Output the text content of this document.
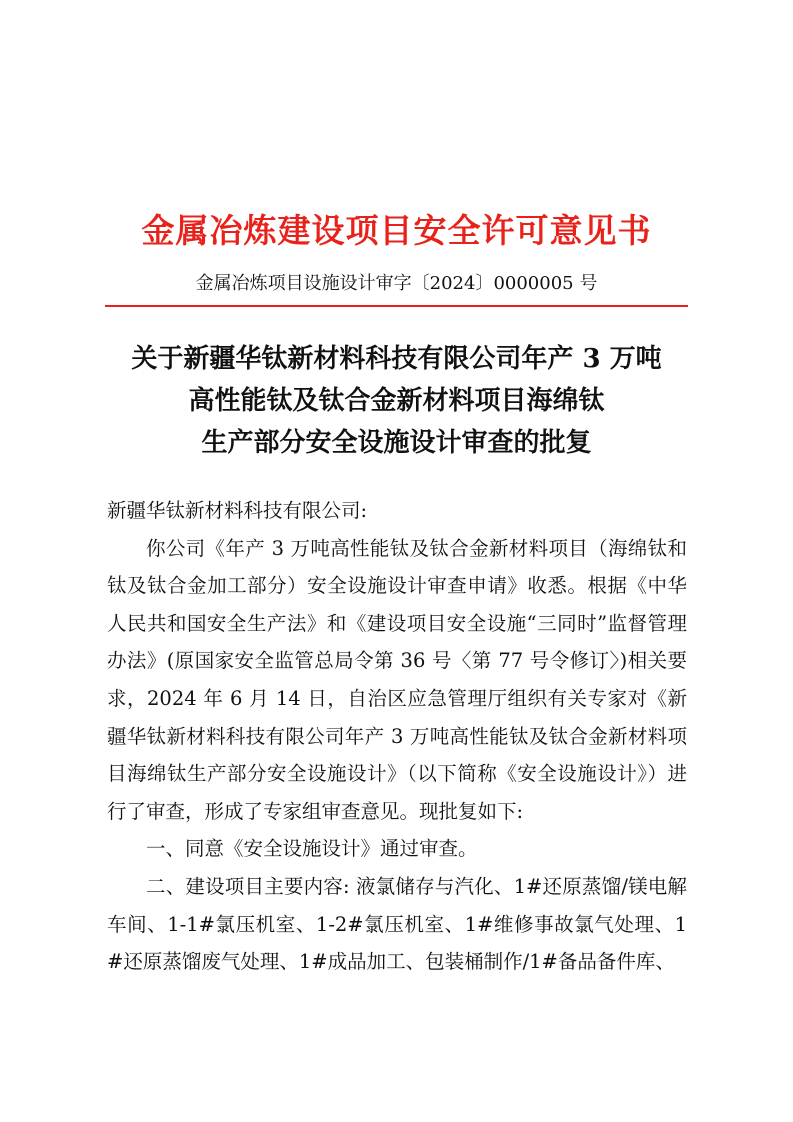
金属冶炼建设项目安全许可意见书
金属冶炼项目设施设计审字〔2024〕0000005 号
关于新疆华钛新材料科技有限公司年产 3 万吨
高性能钛及钛合金新材料项目海绵钛
生产部分安全设施设计审查的批复

新疆华钛新材料科技有限公司:

你公司《年产 3 万吨高性能钛及钛合金新材料项目（海绵钛和钛及钛合金加工部分）安全设施设计审查申请》收悉。根据《中华人民共和国安全生产法》和《建设项目安全设施“三同时”监督管理办法》(原国家安全监管总局令第 36 号〈第 77 号令修订〉)相关要求，2024 年 6 月 14 日，自治区应急管理厅组织有关专家对《新疆华钛新材料科技有限公司年产 3 万吨高性能钛及钛合金新材料项目海绵钛生产部分安全设施设计》（以下简称《安全设施设计》）进行了审查，形成了专家组审查意见。现批复如下:

一、同意《安全设施设计》通过审查。

二、建设项目主要内容: 液氯储存与汽化、1#还原蒸馏/镁电解车间、1-1#氯压机室、1-2#氯压机室、1#维修事故氯气处理、1#还原蒸馏废气处理、1#成品加工、包装桶制作/1#备品备件库、
